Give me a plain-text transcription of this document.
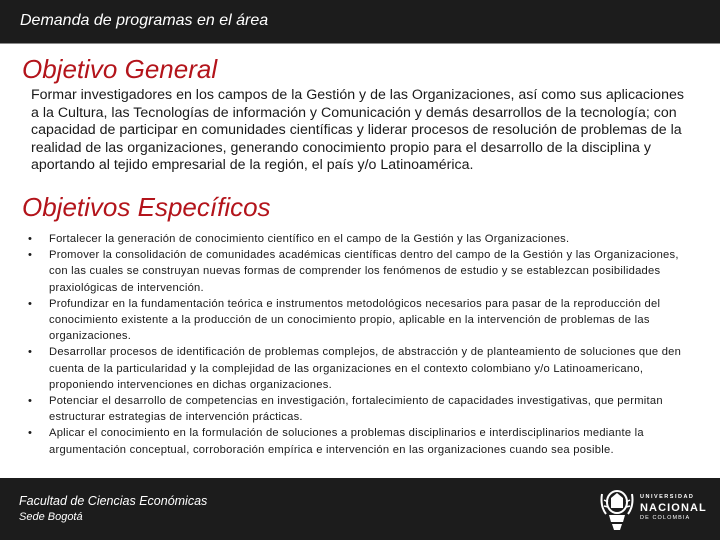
Demanda de programas en el área
Objetivo General

Formar investigadores en los campos de la Gestión y de las Organizaciones, así como sus aplicaciones a la Cultura, las Tecnologías de información y Comunicación y demás desarrollos de la tecnología; con capacidad de participar en comunidades científicas y liderar procesos de resolución de problemas de la realidad de las organizaciones, generando conocimiento propio para el desarrollo de la disciplina y aportando al tejido empresarial de la región, el país y/o Latinoamérica.

Objetivos Específicos
• Fortalecer la generación de conocimiento científico en el campo de la Gestión y las Organizaciones.
• Promover la consolidación de comunidades académicas científicas dentro del campo de la Gestión y las Organizaciones, con las cuales se construyan nuevas formas de comprender los fenómenos de estudio y se establezcan posibilidades praxiológicas de intervención.
• Profundizar en la fundamentación teórica e instrumentos metodológicos necesarios para pasar de la reproducción del conocimiento existente a la producción de un conocimiento propio, aplicable en la intervención de problemas de las organizaciones.
• Desarrollar procesos de identificación de problemas complejos, de abstracción y de planteamiento de soluciones que den cuenta de la particularidad y la complejidad de las organizaciones en el contexto colombiano y/o Latinoamericano, proponiendo intervenciones en dichas organizaciones.
• Potenciar el desarrollo de competencias en investigación, fortalecimiento de capacidades investigativas, que permitan estructurar estrategias de intervención prácticas.
• Aplicar el conocimiento en la formulación de soluciones a problemas disciplinarios e interdisciplinarios mediante la argumentación conceptual, corroboración empírica e intervención en las organizaciones cuando sea posible.
Facultad de Ciencias Económicas
Sede Bogotá
UNIVERSIDAD
NACIONAL
DE COLOMBIA
